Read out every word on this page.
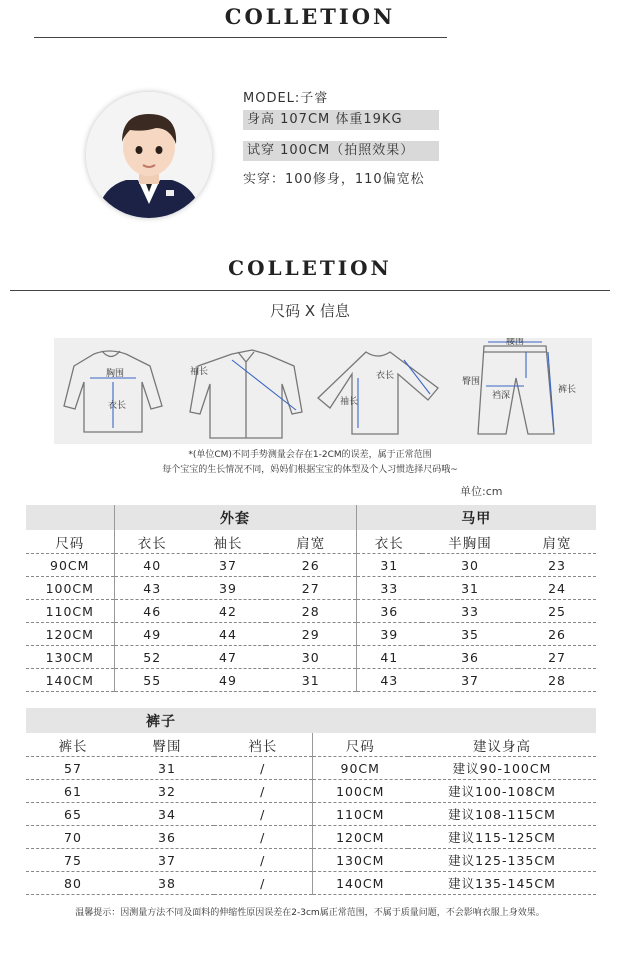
COLLETION
MODEL:子睿
身高 107CM 体重19KG
试穿 100CM（拍照效果）
实穿：100修身，110偏宽松
COLLETION
尺码 X 信息
胸围
衣长
袖长	衣长
袖长
腰围
臀围
裆深
裤长
*(单位CM)不同手势测量会存在1-2CM的误差，属于正常范围
每个宝宝的生长情况不同，妈妈们根据宝宝的体型及个人习惯选择尺码哦~
单位:cm
	外套			马甲		
尺码	衣长	袖长	肩宽	衣长	半胸围	肩宽
90CM	40	37	26	31	30	23
100CM	43	39	27	33	31	24
110CM	46	42	28	36	33	25
120CM	49	44	29	39	35	26
130CM	52	47	30	41	36	27
140CM	55	49	31	43	37	28
裤子				
裤长	臀围	裆长	尺码	建议身高
57	31	/	90CM	建议90-100CM
61	32	/	100CM	建议100-108CM
65	34	/	110CM	建议108-115CM
70	36	/	120CM	建议115-125CM
75	37	/	130CM	建议125-135CM
80	38	/	140CM	建议135-145CM
温馨提示：因测量方法不同及面料的伸缩性原因误差在2-3cm属正常范围，不属于质量问题，不会影响衣服上身效果。
